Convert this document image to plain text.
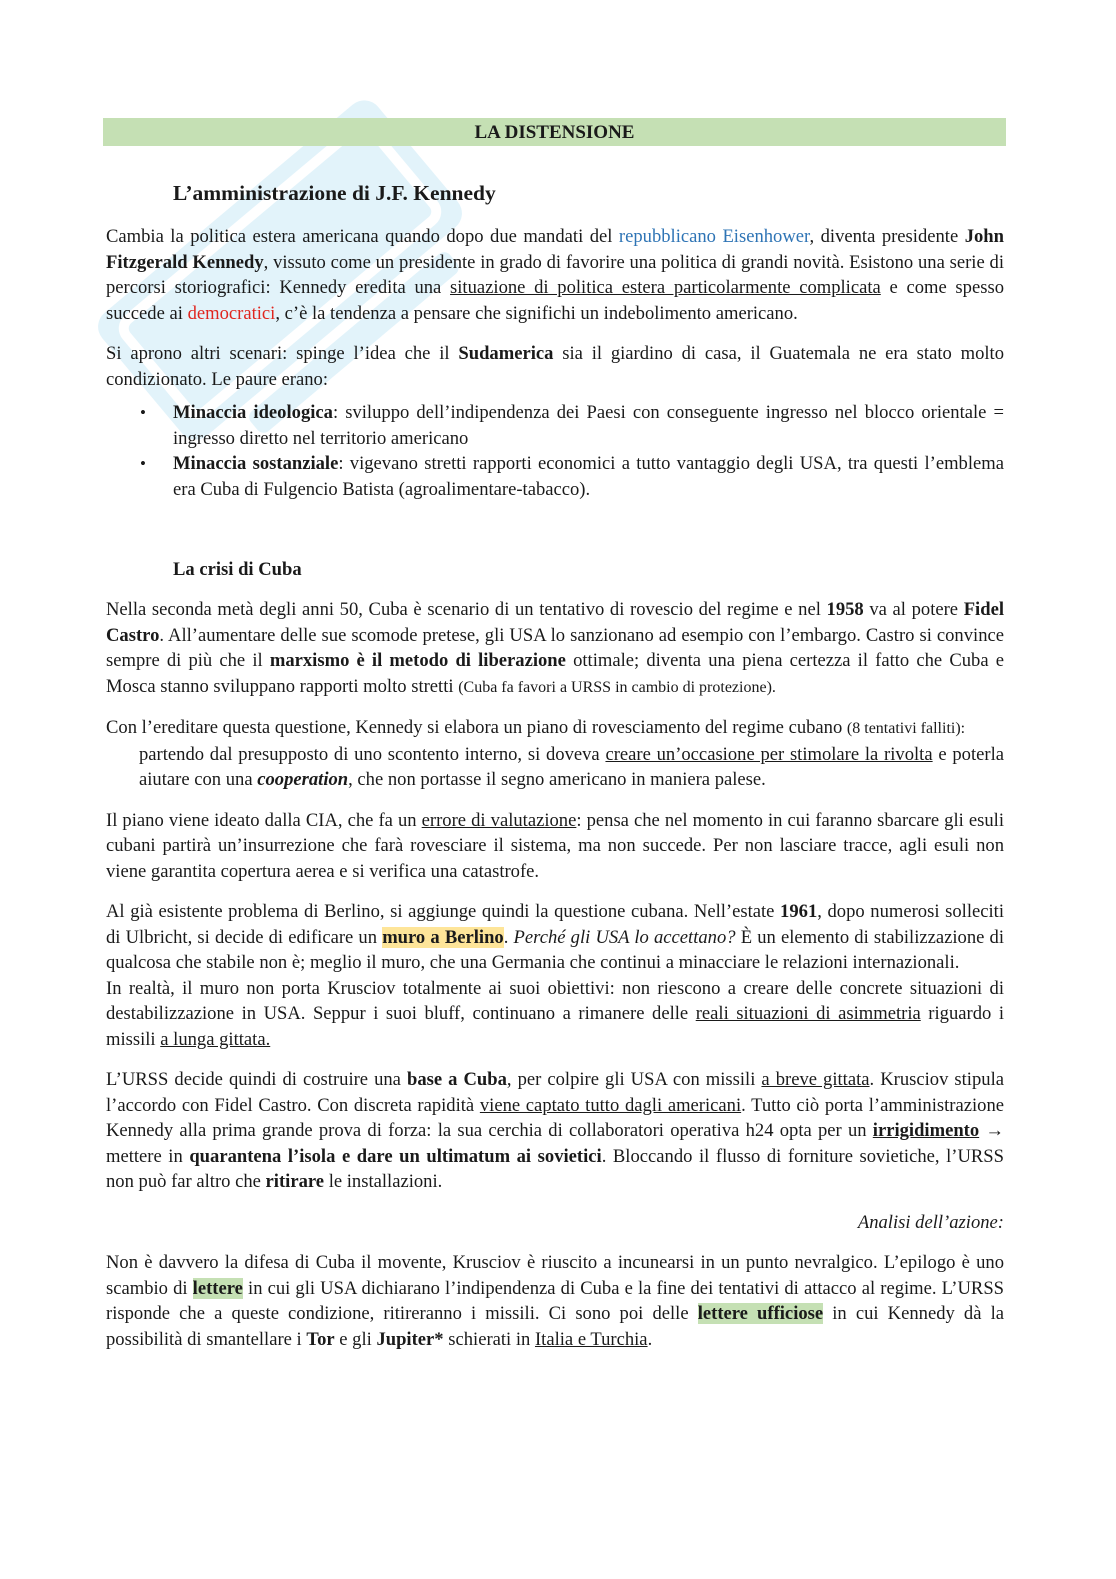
LA DISTENSIONE
L’amministrazione di J.F. Kennedy

Cambia la politica estera americana quando dopo due mandati del repubblicano Eisenhower, diventa presidente John Fitzgerald Kennedy, vissuto come un presidente in grado di favorire una politica di grandi novità. Esistono una serie di percorsi storiografici: Kennedy eredita una situazione di politica estera particolarmente complicata e come spesso succede ai democratici, c’è la tendenza a pensare che significhi un indebolimento americano.

Si aprono altri scenari: spinge l’idea che il Sudamerica sia il giardino di casa, il Guatemala ne era stato molto condizionato. Le paure erano:

• Minaccia ideologica: sviluppo dell’indipendenza dei Paesi con conseguente ingresso nel blocco orientale = ingresso diretto nel territorio americano
• Minaccia sostanziale: vigevano stretti rapporti economici a tutto vantaggio degli USA, tra questi l’emblema era Cuba di Fulgencio Batista (agroalimentare-tabacco).
La crisi di Cuba

Nella seconda metà degli anni 50, Cuba è scenario di un tentativo di rovescio del regime e nel 1958 va al potere Fidel Castro. All’aumentare delle sue scomode pretese, gli USA lo sanzionano ad esempio con l’embargo. Castro si convince sempre di più che il marxismo è il metodo di liberazione ottimale; diventa una piena certezza il fatto che Cuba e Mosca stanno sviluppano rapporti molto stretti (Cuba fa favori a URSS in cambio di protezione).

Con l’ereditare questa questione, Kennedy si elabora un piano di rovesciamento del regime cubano (8 tentativi falliti):

partendo dal presupposto di uno scontento interno, si doveva creare un’occasione per stimolare la rivolta e poterla aiutare con una cooperation, che non portasse il segno americano in maniera palese.

Il piano viene ideato dalla CIA, che fa un errore di valutazione: pensa che nel momento in cui faranno sbarcare gli esuli cubani partirà un’insurrezione che farà rovesciare il sistema, ma non succede. Per non lasciare tracce, agli esuli non viene garantita copertura aerea e si verifica una catastrofe.

Al già esistente problema di Berlino, si aggiunge quindi la questione cubana. Nell’estate 1961, dopo numerosi solleciti di Ulbricht, si decide di edificare un muro a Berlino. Perché gli USA lo accettano? È un elemento di stabilizzazione di qualcosa che stabile non è; meglio il muro, che una Germania che continui a minacciare le relazioni internazionali.

In realtà, il muro non porta Krusciov totalmente ai suoi obiettivi: non riescono a creare delle concrete situazioni di destabilizzazione in USA. Seppur i suoi bluff, continuano a rimanere delle reali situazioni di asimmetria riguardo i missili a lunga gittata.

L’URSS decide quindi di costruire una base a Cuba, per colpire gli USA con missili a breve gittata. Krusciov stipula l’accordo con Fidel Castro. Con discreta rapidità viene captato tutto dagli americani. Tutto ciò porta l’amministrazione Kennedy alla prima grande prova di forza: la sua cerchia di collaboratori operativa h24 opta per un irrigidimento → mettere in quarantena l’isola e dare un ultimatum ai sovietici. Bloccando il flusso di forniture sovietiche, l’URSS non può far altro che ritirare le installazioni.

Analisi dell’azione:

Non è davvero la difesa di Cuba il movente, Krusciov è riuscito a incunearsi in un punto nevralgico. L’epilogo è uno scambio di lettere in cui gli USA dichiarano l’indipendenza di Cuba e la fine dei tentativi di attacco al regime. L’URSS risponde che a queste condizione, ritireranno i missili. Ci sono poi delle lettere ufficiose in cui Kennedy dà la possibilità di smantellare i Tor e gli Jupiter* schierati in Italia e Turchia.
